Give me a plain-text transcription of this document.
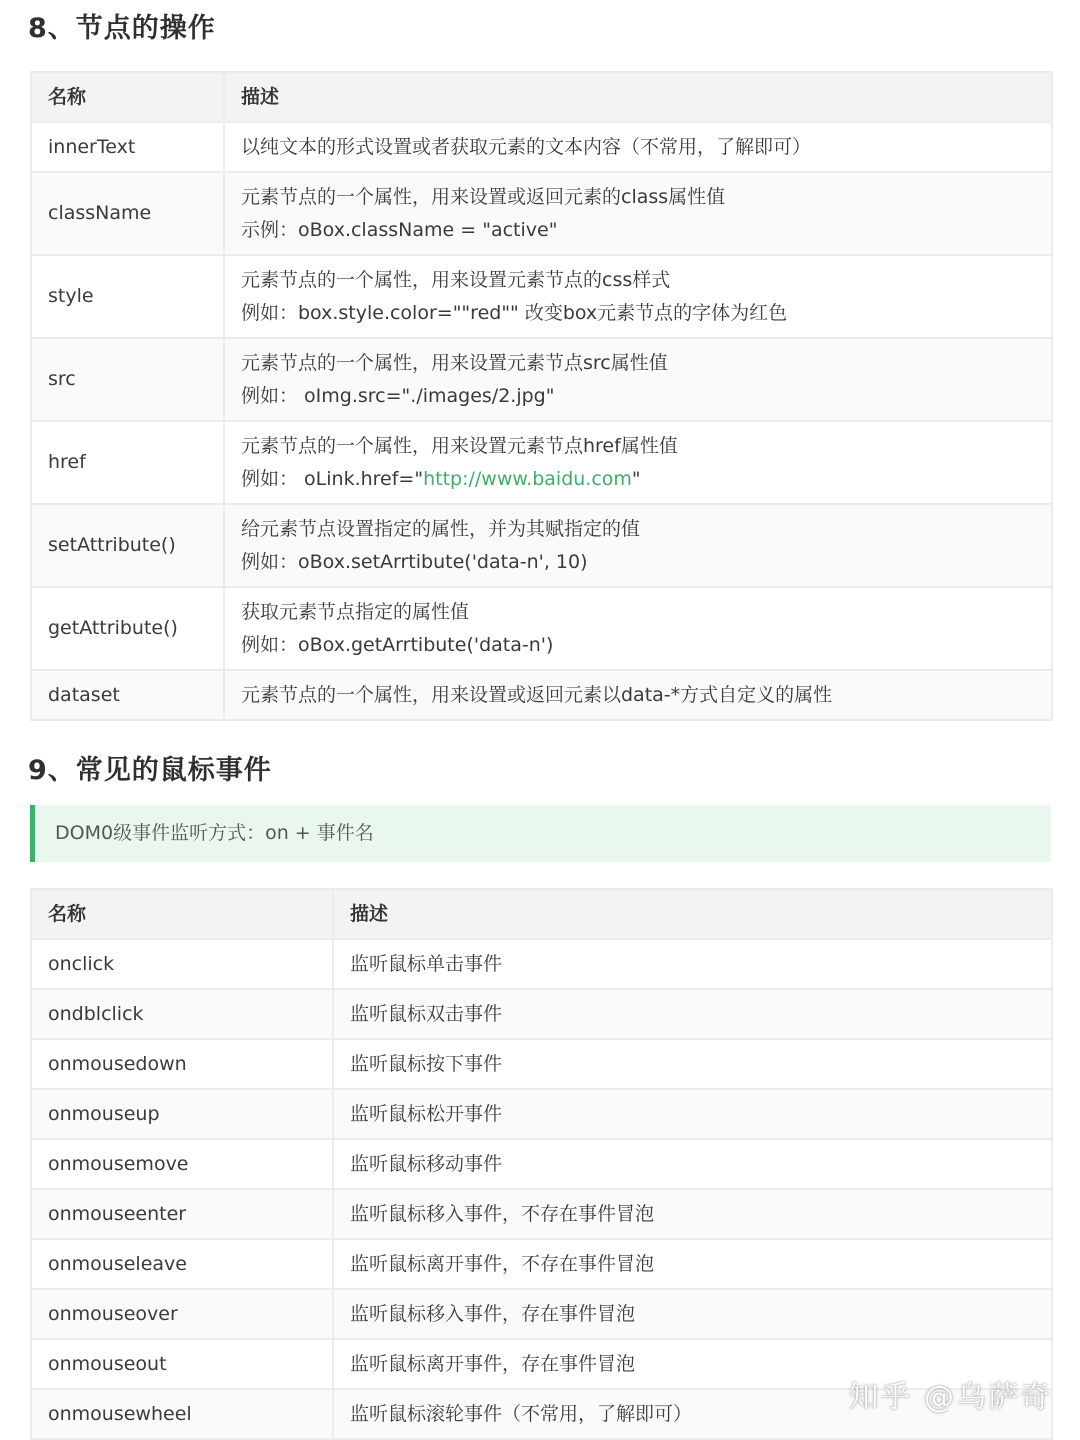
8、节点的操作
名称	描述
innerText	以纯文本的形式设置或者获取元素的文本内容（不常用，了解即可）

className	元素节点的一个属性，用来设置或返回元素的class属性值
示例：oBox.className = "active"

style	元素节点的一个属性，用来设置元素节点的css样式
例如：box.style.color=""red"" 改变box元素节点的字体为红色

src	元素节点的一个属性，用来设置元素节点src属性值
例如： oImg.src="./images/2.jpg"

href	元素节点的一个属性，用来设置元素节点href属性值
例如： oLink.href="http://www.baidu.com"

setAttribute()	给元素节点设置指定的属性，并为其赋指定的值
例如：oBox.setArrtibute('data-n', 10)

getAttribute()	获取元素节点指定的属性值
例如：oBox.getArrtibute('data-n')

dataset	元素节点的一个属性，用来设置或返回元素以data-*方式自定义的属性
9、常见的鼠标事件
DOM0级事件监听方式：on + 事件名
名称	描述
onclick	监听鼠标单击事件
ondblclick	监听鼠标双击事件
onmousedown	监听鼠标按下事件
onmouseup	监听鼠标松开事件
onmousemove	监听鼠标移动事件
onmouseenter	监听鼠标移入事件，不存在事件冒泡
onmouseleave	监听鼠标离开事件，不存在事件冒泡
onmouseover	监听鼠标移入事件，存在事件冒泡
onmouseout	监听鼠标离开事件，存在事件冒泡
onmousewheel	监听鼠标滚轮事件（不常用，了解即可）	知乎 @乌萨奇
